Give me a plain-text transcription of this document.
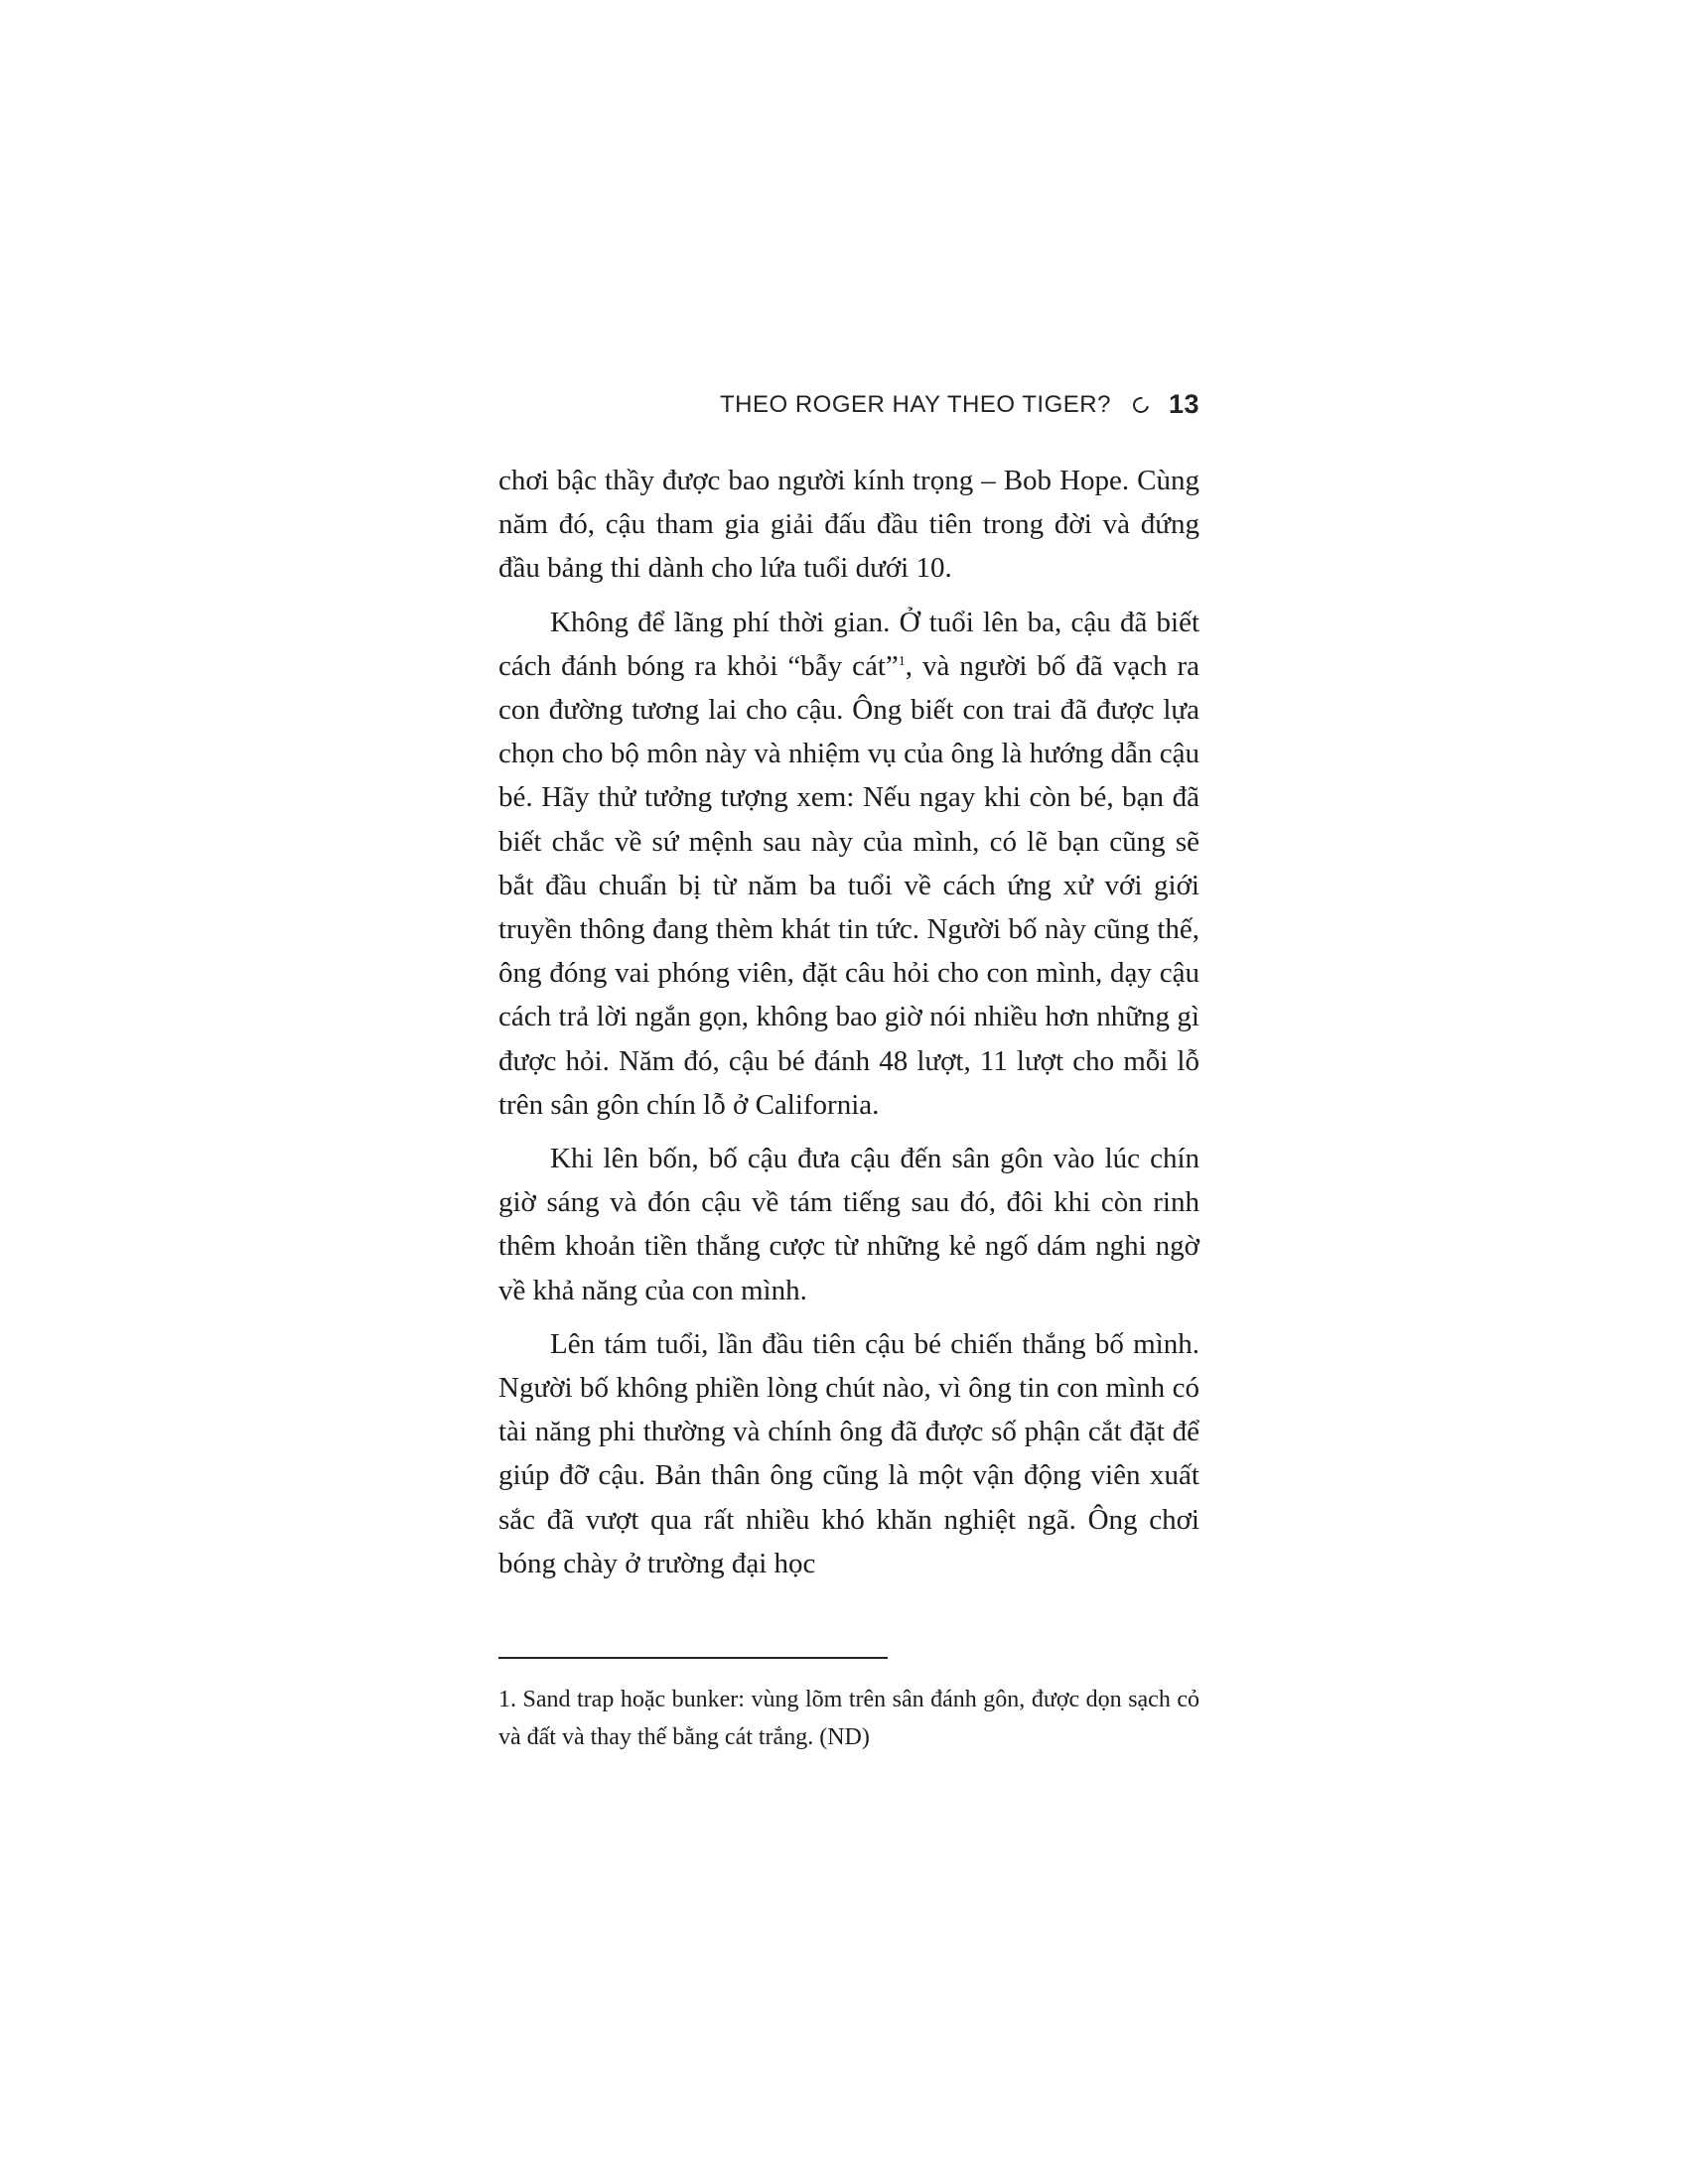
THEO ROGER HAY THEO TIGER? 13

chơi bậc thầy được bao người kính trọng – Bob Hope. Cùng năm đó, cậu tham gia giải đấu đầu tiên trong đời và đứng đầu bảng thi dành cho lứa tuổi dưới 10.

Không để lãng phí thời gian. Ở tuổi lên ba, cậu đã biết cách đánh bóng ra khỏi “bẫy cát”$^1$, và người bố đã vạch ra con đường tương lai cho cậu. Ông biết con trai đã được lựa chọn cho bộ môn này và nhiệm vụ của ông là hướng dẫn cậu bé. Hãy thử tưởng tượng xem: Nếu ngay khi còn bé, bạn đã biết chắc về sứ mệnh sau này của mình, có lẽ bạn cũng sẽ bắt đầu chuẩn bị từ năm ba tuổi về cách ứng xử với giới truyền thông đang thèm khát tin tức. Người bố này cũng thế, ông đóng vai phóng viên, đặt câu hỏi cho con mình, dạy cậu cách trả lời ngắn gọn, không bao giờ nói nhiều hơn những gì được hỏi. Năm đó, cậu bé đánh 48 lượt, 11 lượt cho mỗi lỗ trên sân gôn chín lỗ ở California.

Khi lên bốn, bố cậu đưa cậu đến sân gôn vào lúc chín giờ sáng và đón cậu về tám tiếng sau đó, đôi khi còn rinh thêm khoản tiền thắng cược từ những kẻ ngố dám nghi ngờ về khả năng của con mình.

Lên tám tuổi, lần đầu tiên cậu bé chiến thắng bố mình. Người bố không phiền lòng chút nào, vì ông tin con mình có tài năng phi thường và chính ông đã được số phận cắt đặt để giúp đỡ cậu. Bản thân ông cũng là một vận động viên xuất sắc đã vượt qua rất nhiều khó khăn nghiệt ngã. Ông chơi bóng chày ở trường đại học

1. Sand trap hoặc bunker: vùng lõm trên sân đánh gôn, được dọn sạch cỏ và đất và thay thế bằng cát trắng. (ND)
